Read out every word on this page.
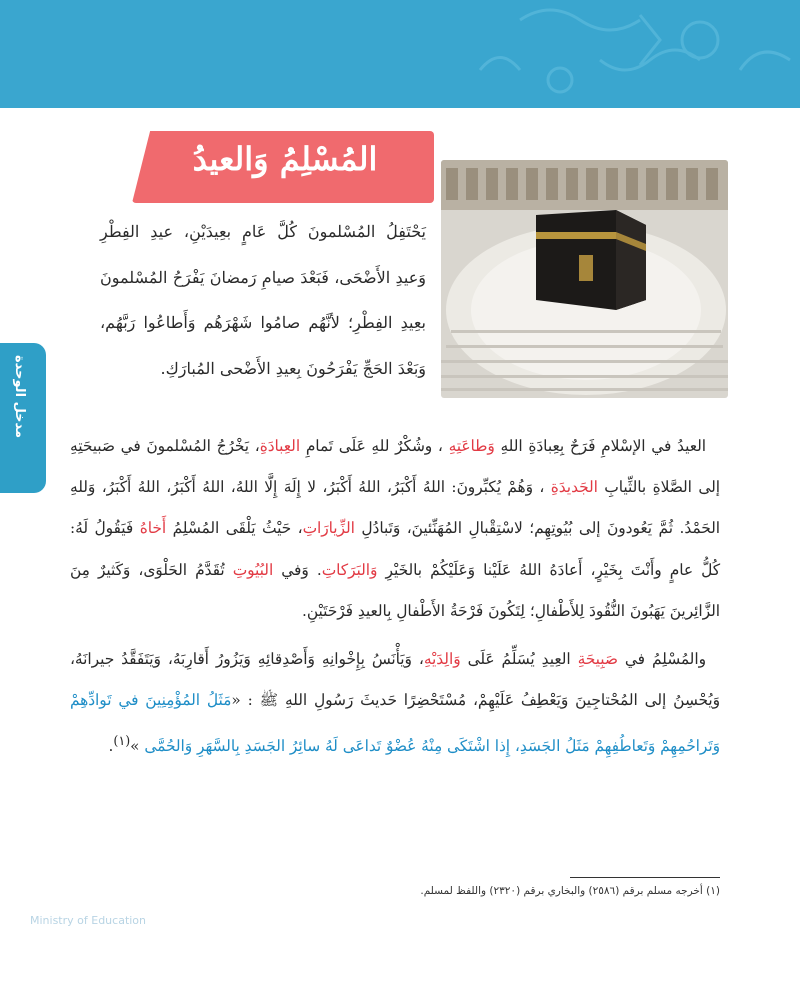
مدخل الوحدة
المُسْلِمُ وَالعيدُ

يَحْتَفِلُ المُسْلمونَ كُلَّ عَامٍ بعِيدَيْنِ، عيدِ الفِطْرِ وَعيدِ الأَضْحَى، فَبَعْدَ صيامِ رَمضانَ يَفْرَحُ المُسْلمونَ بعِيدِ الفِطْرِ؛ لأنَّهُم صامُوا شَهْرَهُم وَأَطاعُوا رَبَّهُم، وَبَعْدَ الحَجِّ يَفْرَحُونَ بِعيدِ الأَضْحى المُبارَكِ.

العيدُ في الإسْلامِ فَرَحٌ بِعِبادَةِ اللهِ وَطاعَتِهِ ، وشُكْرٌ للهِ عَلَى تَمامِ العِبادَةِ، يَخْرُجُ المُسْلمونَ في صَبيحَتِهِ إلى الصَّلاةِ بالثِّيابِ الجَديدَةِ ، وَهُمْ يُكبِّرونَ: اللهُ أَكْبَرُ، اللهُ أَكْبَرُ، لا إِلَهَ إِلَّا اللهُ، اللهُ أَكْبَرُ، اللهُ أَكْبَرُ، وَللهِ الحَمْدُ. ثُمَّ يَعُودونَ إلى بُيُوتِهِم؛ لاسْتِقْبالِ المُهَنِّئينَ، وَتَبادُلِ الزِّيارَاتِ، حَيْثُ يَلْقَى المُسْلِمُ أَخاهُ فَيَقُولُ لَهُ: كُلُّ عامٍ وأَنْتَ بِخَيْرٍ، أَعادَهُ اللهُ عَلَيْنا وَعَلَيْكُمْ بالخَيْرِ وَالبَرَكاتِ. وَفي البُيُوتِ تُقَدَّمُ الحَلْوَى، وَكَثيرٌ مِنَ الزَّائِرينَ يَهَبُونَ النُّقُودَ لِلأَطْفالِ؛ لِتَكُونَ فَرْحَةُ الأَطْفالِ بِالعيدِ فَرْحَتَيْنِ.

والمُسْلِمُ في صَبِيحَةِ العِيدِ يُسَلِّمُ عَلَى وَالِدَيْهِ، وَيَأْنَسُ بِإِخْوانِهِ وَأَصْدِقائِهِ وَيَزُورُ أَقارِبَهُ، وَيَتَفَقَّدُ جيرانَهُ، وَيُحْسِنُ إلى المُحْتاجِينَ وَيَعْطِفُ عَلَيْهِمْ، مُسْتَحْضِرًا حَديثَ رَسُولِ اللهِ ﷺ : «مَثَلُ المُؤْمِنِينَ في تَوادِّهِمْ وَتَراحُمِهِمْ وَتَعاطُفِهِمْ مَثَلُ الجَسَدِ، إِذا اشْتَكَى مِنْهُ عُضْوٌ تَداعَى لَهُ سائِرُ الجَسَدِ بِالسَّهَرِ وَالحُمَّى »$^{(١)}$.

(١) أخرجه مسلم برقم (٢٥٨٦) والبخاري برقم (٢٣٢٠) واللفظ لمسلم.
Ministry of Education
